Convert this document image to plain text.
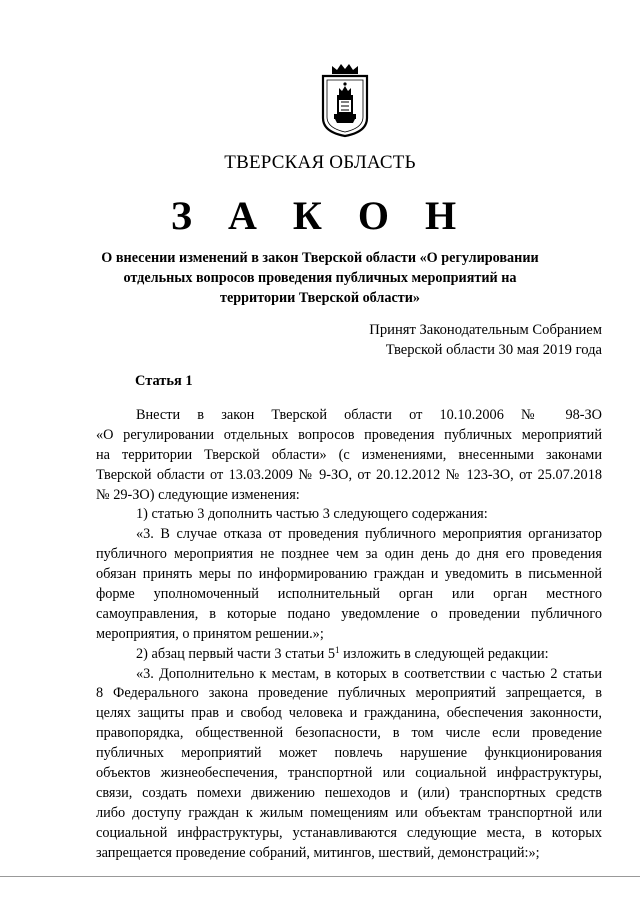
ТВЕРСКАЯ ОБЛАСТЬ
З А К О Н
О внесении изменений в закон Тверской области «О регулировании
отдельных вопросов проведения публичных мероприятий на
территории Тверской области»
Принят Законодательным Собранием
Тверской области 30 мая 2019 года
Статья 1
Внести в закон Тверской области от 10.10.2006 № 98-ЗО
«О регулировании отдельных вопросов проведения публичных мероприятий
на территории Тверской области» (с изменениями, внесенными законами
Тверской области от 13.03.2009 № 9-ЗО, от 20.12.2012 № 123-ЗО, от 25.07.2018
№ 29-ЗО) следующие изменения:
1) статью 3 дополнить частью 3 следующего содержания:
«3. В случае отказа от проведения публичного мероприятия организатор
публичного мероприятия не позднее чем за один день до дня его проведения
обязан принять меры по информированию граждан и уведомить в письменной
форме уполномоченный исполнительный орган или орган местного
самоуправления, в которые подано уведомление о проведении публичного
мероприятия, о принятом решении.»;
2) абзац первый части 3 статьи $5^1$ изложить в следующей редакции:
«3. Дополнительно к местам, в которых в соответствии с частью 2 статьи
8 Федерального закона проведение публичных мероприятий запрещается, в
целях защиты прав и свобод человека и гражданина, обеспечения законности,
правопорядка, общественной безопасности, в том числе если проведение
публичных мероприятий может повлечь нарушение функционирования
объектов жизнеобеспечения, транспортной или социальной инфраструктуры,
связи, создать помехи движению пешеходов и (или) транспортных средств
либо доступу граждан к жилым помещениям или объектам транспортной или
социальной инфраструктуры, устанавливаются следующие места, в которых
запрещается проведение собраний, митингов, шествий, демонстраций:»;
